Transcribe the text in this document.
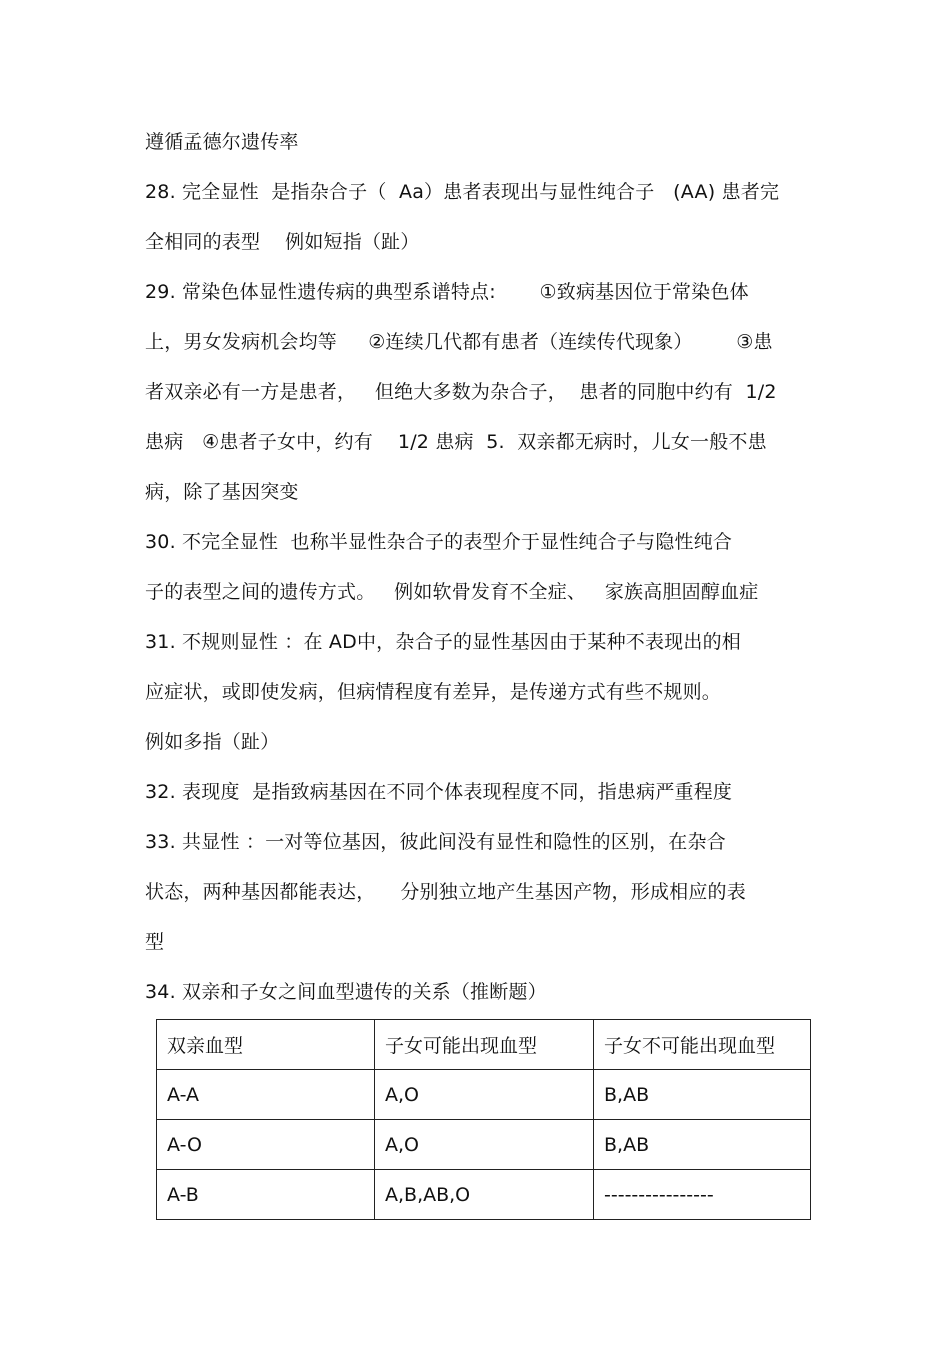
遵循孟德尔遗传率
28. 完全显性  是指杂合子（  Aa）患者表现出与显性纯合子   (AA) 患者完
全相同的表型    例如短指（趾）
29. 常染色体显性遗传病的典型系谱特点:       ①致病基因位于常染色体
上，男女发病机会均等     ②连续几代都有患者（连续传代现象）       ③患
者双亲必有一方是患者，   但绝大多数为杂合子，  患者的同胞中约有  1/2
患病   ④患者子女中，约有    1/2 患病  5.  双亲都无病时，儿女一般不患
病，除了基因突变
30. 不完全显性  也称半显性杂合子的表型介于显性纯合子与隐性纯合
子的表型之间的遗传方式。   例如软骨发育不全症、   家族高胆固醇血症
31. 不规则显性 ：在 AD中，杂合子的显性基因由于某种不表现出的相
应症状，或即使发病，但病情程度有差异，是传递方式有些不规则。
例如多指（趾）
32. 表现度  是指致病基因在不同个体表现程度不同，指患病严重程度
33. 共显性 ：一对等位基因，彼此间没有显性和隐性的区别，在杂合
状态，两种基因都能表达，    分别独立地产生基因产物，形成相应的表
型
34. 双亲和子女之间血型遗传的关系（推断题）
双亲血型	子女可能出现血型	子女不可能出现血型
A-A	A,O	B,AB
A-O	A,O	B,AB
A-B	A,B,AB,O	----------------
